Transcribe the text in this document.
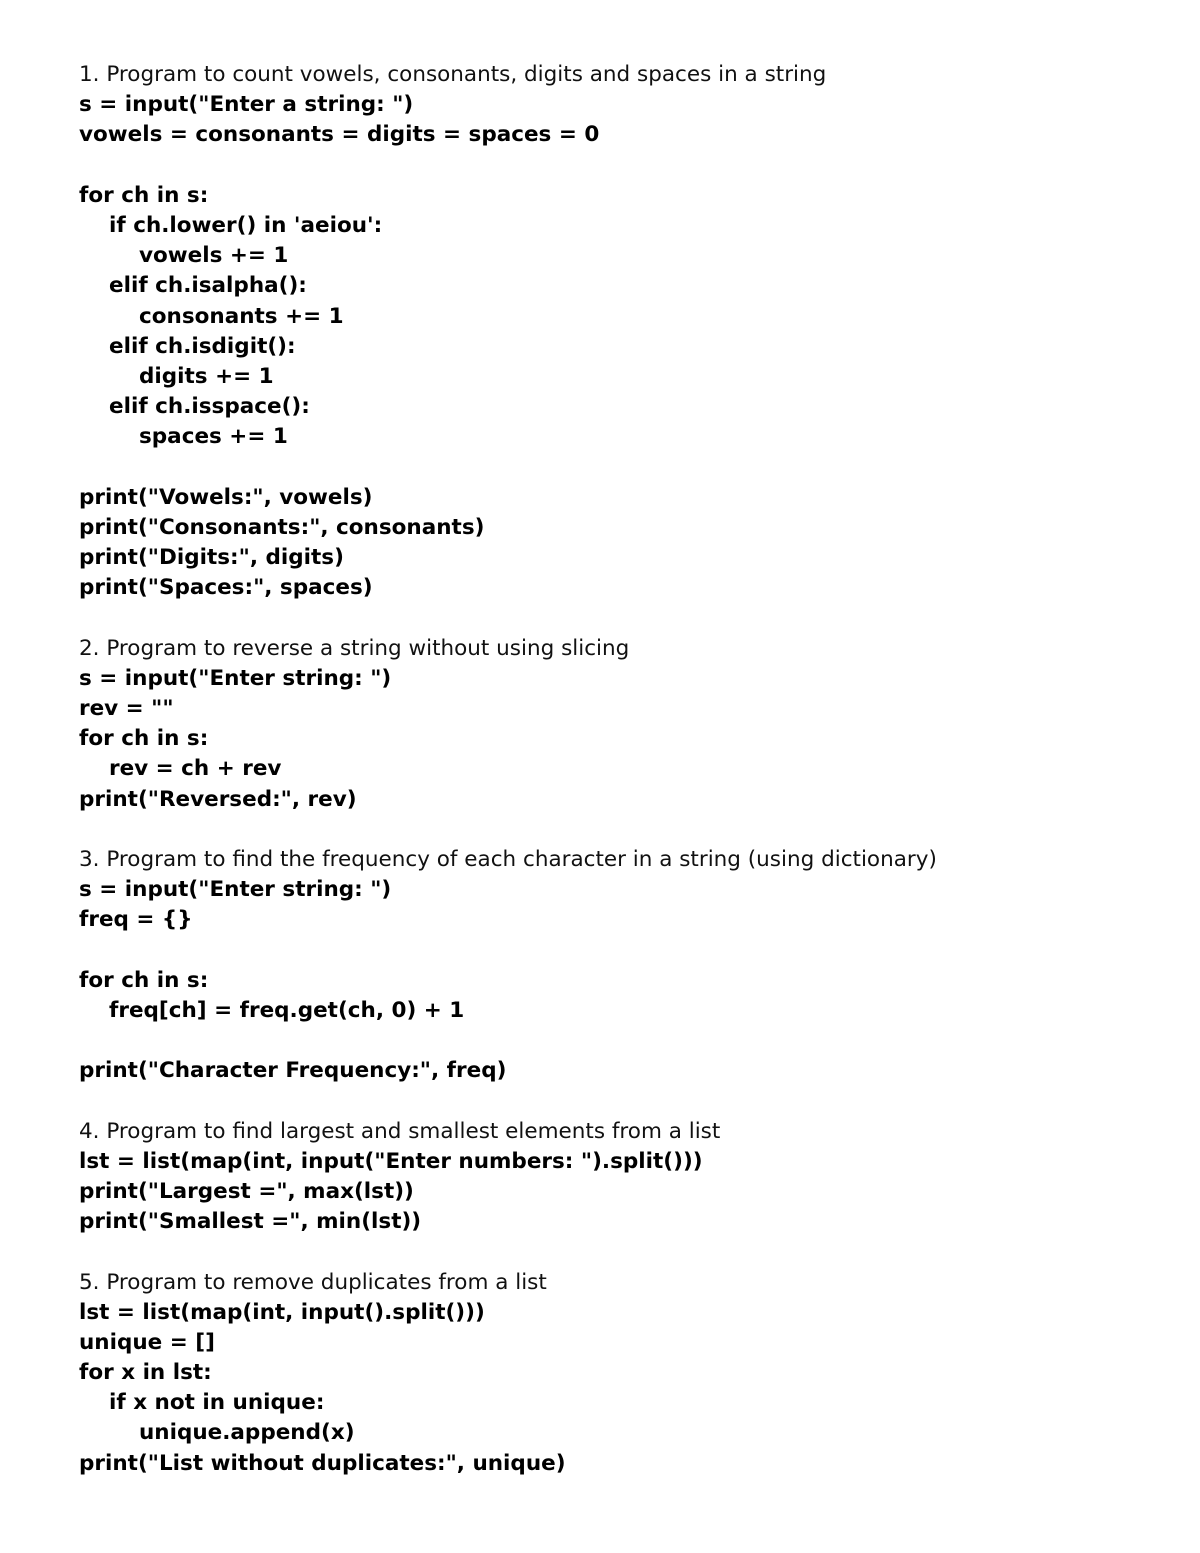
1. Program to count vowels, consonants, digits and spaces in a string
s = input("Enter a string: ")
vowels = consonants = digits = spaces = 0
for ch in s:
if ch.lower() in 'aeiou':
vowels += 1
elif ch.isalpha():
consonants += 1
elif ch.isdigit():
digits += 1
elif ch.isspace():
spaces += 1
print("Vowels:", vowels)
print("Consonants:", consonants)
print("Digits:", digits)
print("Spaces:", spaces)
2. Program to reverse a string without using slicing
s = input("Enter string: ")
rev = ""
for ch in s:
rev = ch + rev
print("Reversed:", rev)
3. Program to find the frequency of each character in a string (using dictionary)
s = input("Enter string: ")
freq = {}
for ch in s:
freq[ch] = freq.get(ch, 0) + 1
print("Character Frequency:", freq)
4. Program to find largest and smallest elements from a list
lst = list(map(int, input("Enter numbers: ").split()))
print("Largest =", max(lst))
print("Smallest =", min(lst))
5. Program to remove duplicates from a list
lst = list(map(int, input().split()))
unique = []
for x in lst:
if x not in unique:
unique.append(x)
print("List without duplicates:", unique)
